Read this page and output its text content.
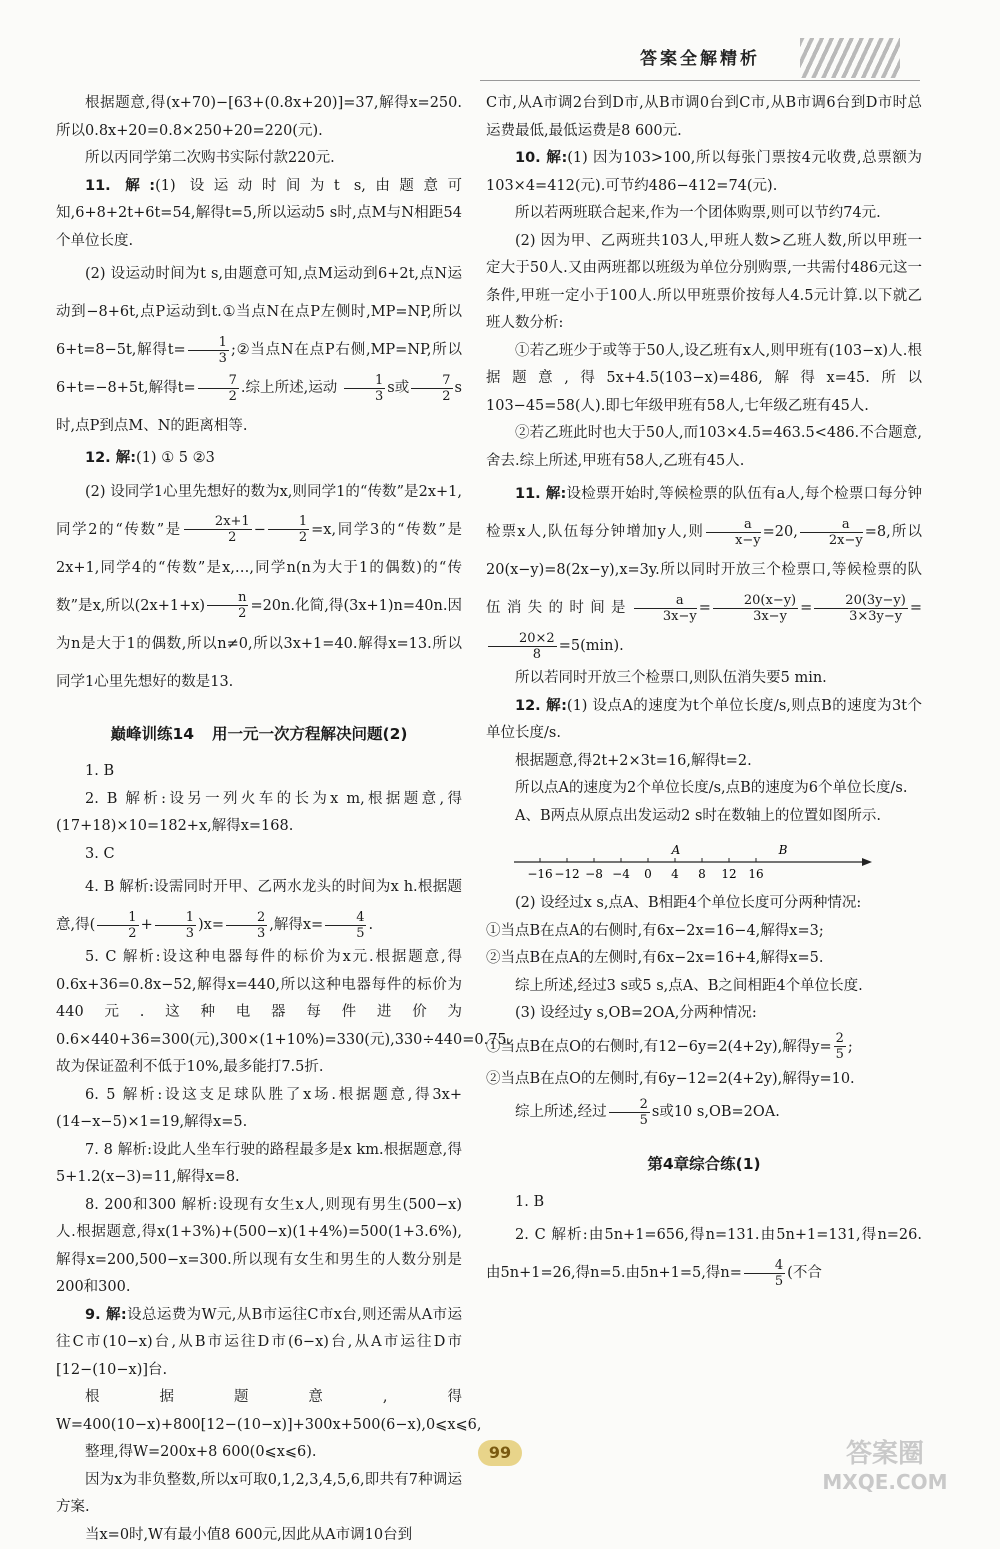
答案全解精析

根据题意,得(x+70)−[63+(0.8x+20)]=37,解得x=250.所以0.8x+20=0.8×250+20=220(元).

所以丙同学第二次购书实际付款220元.

11. 解:(1) 设运动时间为t s,由题意可知,6+8+2t+6t=54,解得t=5,所以运动5 s时,点M与N相距54个单位长度.

(2) 设运动时间为t s,由题意可知,点M运动到6+2t,点N运动到−8+6t,点P运动到t.①当点N在点P左侧时,MP=NP,所以6+t=8−5t,解得$t= \frac{1}{3}$ ;②当点N在点P右侧,MP=NP,所以6+t=−8+5t,解得$t= \frac{7}{2}$ .综上所述,运动 $\frac{1}{3}$ s或 $\frac{7}{2}$ s时,点P到点M、N的距离相等.

12. 解:(1) ① 5 ②3

(2) 设同学1心里先想好的数为x,则同学1的“传数”是2x+1,同学2的“传数”是 $\frac{2x+1}{2} - \frac{1}{2} =x$,同学3的“传数”是2x+1,同学4的“传数”是x,…,同学n(n为大于1的偶数)的“传数”是x,所以$(2x+1+x) \frac{n}{2} =20n$.化简,得(3x+1)n=40n.因为n是大于1的偶数,所以n≠0,所以3x+1=40.解得x=13.所以同学1心里先想好的数是13.

巅峰训练14 用一元一次方程解决问题(2)

1. B

2. B 解析:设另一列火车的长为x m,根据题意,得(17+18)×10=182+x,解得x=168.

3. C

4. B 解析:设需同时开甲、乙两水龙头的时间为x h.根据题意,得( $\frac{1}{2} + \frac{1}{3} )x= \frac{2}{3}$ ,解得$x= \frac{4}{5}$ .

5. C 解析:设这种电器每件的标价为x元.根据题意,得0.6x+36=0.8x−52,解得x=440,所以这种电器每件的标价为440元.这种电器每件进价为0.6×440+36=300(元),300×(1+10%)=330(元),330÷440=0.75.故为保证盈利不低于10%,最多能打7.5折.

6. 5 解析:设这支足球队胜了x场.根据题意,得3x+(14−x−5)×1=19,解得x=5.

7. 8 解析:设此人坐车行驶的路程最多是x km.根据题意,得5+1.2(x−3)=11,解得x=8.

8. 200和300 解析:设现有女生x人,则现有男生(500−x)人.根据题意,得x(1+3%)+(500−x)(1+4%)=500(1+3.6%),解得x=200,500−x=300.所以现有女生和男生的人数分别是200和300.

9. 解:设总运费为W元,从B市运往C市x台,则还需从A市运往C市(10−x)台,从B市运往D市(6−x)台,从A市运往D市[12−(10−x)]台.

根据题意,得W=400(10−x)+800[12−(10−x)]+300x+500(6−x),0⩽x⩽6,

整理,得W=200x+8 600(0⩽x⩽6).

因为x为非负整数,所以x可取0,1,2,3,4,5,6,即共有7种调运方案.

当x=0时,W有最小值8 600元,因此从A市调10台到

C市,从A市调2台到D市,从B市调0台到C市,从B市调6台到D市时总运费最低,最低运费是8 600元.

10. 解:(1) 因为103>100,所以每张门票按4元收费,总票额为103×4=412(元).可节约486−412=74(元).

所以若两班联合起来,作为一个团体购票,则可以节约74元.

(2) 因为甲、乙两班共103人,甲班人数>乙班人数,所以甲班一定大于50人.又由两班都以班级为单位分别购票,一共需付486元这一条件,甲班一定小于100人.所以甲班票价按每人4.5元计算.以下就乙班人数分析:

①若乙班少于或等于50人,设乙班有x人,则甲班有(103−x)人.根据题意,得5x+4.5(103−x)=486,解得x=45.所以103−45=58(人).即七年级甲班有58人,七年级乙班有45人.

②若乙班此时也大于50人,而103×4.5=463.5<486.不合题意,舍去.综上所述,甲班有58人,乙班有45人.

11. 解:设检票开始时,等候检票的队伍有a人,每个检票口每分钟检票x人,队伍每分钟增加y人,则 $\frac{a}{x-y} =20$, $\frac{a}{2x-y} =8$,所以20(x−y)=8(2x−y),x=3y.所以同时开放三个检票口,等候检票的队伍消失的时间是 $\frac{a}{3x-y} = \frac{20(x-y)}{3x-y} = \frac{20(3y-y)}{3\times 3y-y}$ =
$\frac{20\times 2}{8} =5(\min)$.

所以若同时开放三个检票口,则队伍消失要5 min.

12. 解:(1) 设点A的速度为t个单位长度/s,则点B的速度为3t个单位长度/s.

根据题意,得2t+2×3t=16,解得t=2.

所以点A的速度为2个单位长度/s,点B的速度为6个单位长度/s.

A、B两点从原点出发运动2 s时在数轴上的位置如图所示.

−16 −12 −8 −4 0 4 8 12 16
A	B

(2) 设经过x s,点A、B相距4个单位长度可分两种情况:

①当点B在点A的右侧时,有6x−2x=16−4,解得x=3;

②当点B在点A的左侧时,有6x−2x=16+4,解得x=5.

综上所述,经过3 s或5 s,点A、B之间相距4个单位长度.

(3) 设经过y s,OB=2OA,分两种情况:

①当点B在点O的右侧时,有12−6y=2(4+2y),解得$y= \frac{2}{5}$ ;

②当点B在点O的左侧时,有6y−12=2(4+2y),解得y=10.

综上所述,经过 $\frac{2}{5}$ s或10 s,OB=2OA.

第4章综合练(1)

1. B

2. C 解析:由5n+1=656,得n=131.由5n+1=131,得n=26.由5n+1=26,得n=5.由5n+1=5,得$n= \frac{4}{5}$ (不合

99	答案圈
MXQE.COM
